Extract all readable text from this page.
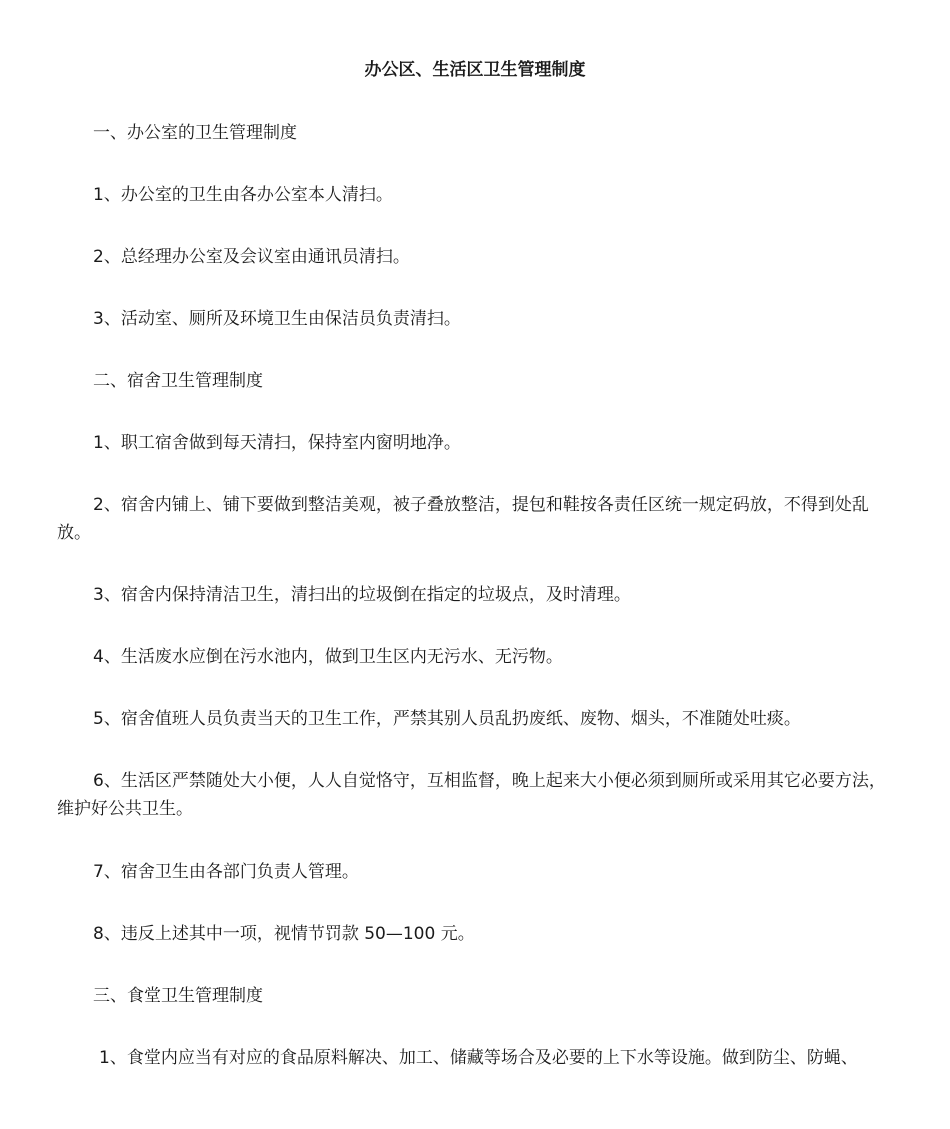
办公区、生活区卫生管理制度

一、办公室的卫生管理制度

1、办公室的卫生由各办公室本人清扫。

2、总经理办公室及会议室由通讯员清扫。

3、活动室、厕所及环境卫生由保洁员负责清扫。

二、宿舍卫生管理制度

1、职工宿舍做到每天清扫，保持室内窗明地净。

2、宿舍内铺上、铺下要做到整洁美观，被子叠放整洁，提包和鞋按各责任区统一规定码放，不得到处乱放。

3、宿舍内保持清洁卫生，清扫出的垃圾倒在指定的垃圾点，及时清理。

4、生活废水应倒在污水池内，做到卫生区内无污水、无污物。

5、宿舍值班人员负责当天的卫生工作，严禁其别人员乱扔废纸、废物、烟头，不准随处吐痰。

6、生活区严禁随处大小便，人人自觉恪守，互相监督，晚上起来大小便必须到厕所或采用其它必要方法，维护好公共卫生。

7、宿舍卫生由各部门负责人管理。

8、违反上述其中一项，视情节罚款 50—100 元。

三、食堂卫生管理制度

1、食堂内应当有对应的食品原料解决、加工、储藏等场合及必要的上下水等设施。做到防尘、防蝇、
